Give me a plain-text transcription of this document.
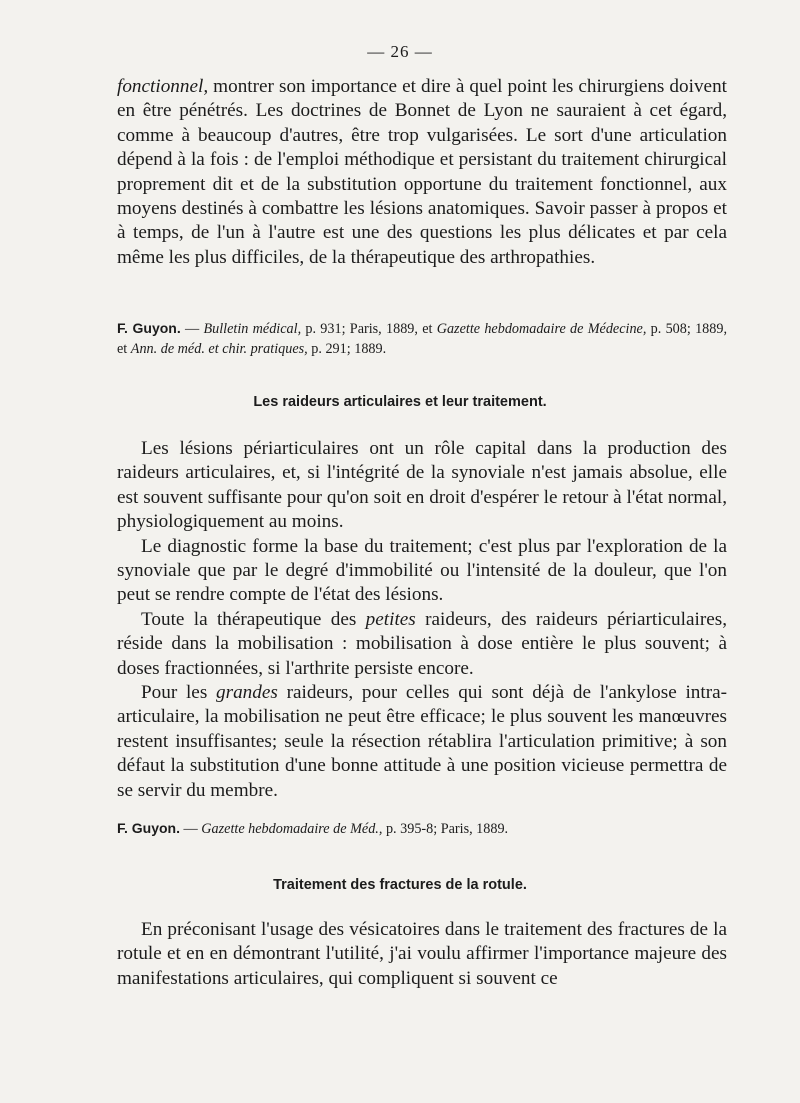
— 26 —

fonctionnel, montrer son importance et dire à quel point les chirurgiens doivent en être pénétrés. Les doctrines de Bonnet de Lyon ne sauraient à cet égard, comme à beaucoup d'autres, être trop vulgarisées. Le sort d'une articulation dépend à la fois : de l'emploi méthodique et persistant du traitement chirurgical proprement dit et de la substitution opportune du traitement fonctionnel, aux moyens destinés à combattre les lésions anatomiques. Savoir passer à propos et à temps, de l'un à l'autre est une des questions les plus délicates et par cela même les plus difficiles, de la thérapeutique des arthropathies.

F. Guyon. — Bulletin médical, p. 931; Paris, 1889, et Gazette hebdomadaire de Médecine, p. 508; 1889, et Ann. de méd. et chir. pratiques, p. 291; 1889.
Les raideurs articulaires et leur traitement.

Les lésions périarticulaires ont un rôle capital dans la production des raideurs articulaires, et, si l'intégrité de la synoviale n'est jamais absolue, elle est souvent suffisante pour qu'on soit en droit d'espérer le retour à l'état normal, physiologiquement au moins.

Le diagnostic forme la base du traitement; c'est plus par l'exploration de la synoviale que par le degré d'immobilité ou l'intensité de la douleur, que l'on peut se rendre compte de l'état des lésions.

Toute la thérapeutique des petites raideurs, des raideurs périarticulaires, réside dans la mobilisation : mobilisation à dose entière le plus souvent; à doses fractionnées, si l'arthrite persiste encore.

Pour les grandes raideurs, pour celles qui sont déjà de l'ankylose intra-articulaire, la mobilisation ne peut être efficace; le plus souvent les manœuvres restent insuffisantes; seule la résection rétablira l'articulation primitive; à son défaut la substitution d'une bonne attitude à une position vicieuse permettra de se servir du membre.

F. Guyon. — Gazette hebdomadaire de Méd., p. 395-8; Paris, 1889.
Traitement des fractures de la rotule.

En préconisant l'usage des vésicatoires dans le traitement des fractures de la rotule et en en démontrant l'utilité, j'ai voulu affirmer l'importance majeure des manifestations articulaires, qui compliquent si souvent ce
